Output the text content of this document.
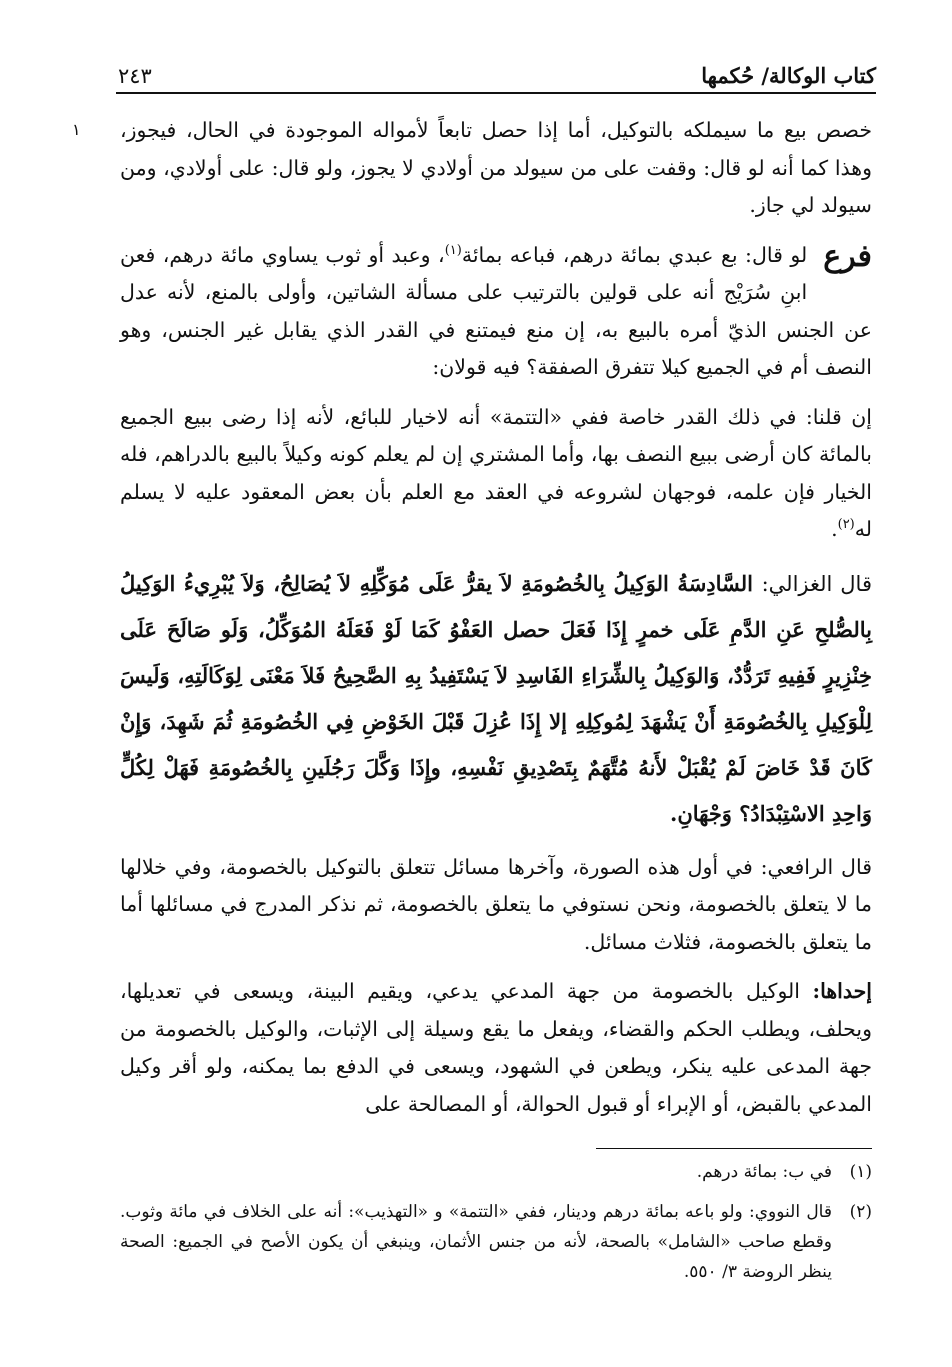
كتاب الوكالة/ حُكمها
٢٤٣
١ خصص بيع ما سيملكه بالتوكيل، أما إذا حصل تابعاً لأمواله الموجودة في الحال، فيجوز، وهذا كما أنه لو قال: وقفت على من سيولد من أولادي لا يجوز، ولو قال: على أولادي، ومن سيولد لي جاز.

فرع
لو قال: بع عبدي بمائة درهم، فباعه بمائة$^{(١)}$، وعبد أو ثوب يساوي مائة درهم، فعن ابنِ سُرَيْج أنه على قولين بالترتيب على مسألة الشاتين، وأولى بالمنع، لأنه عدل عن الجنس الذيّ أمره بالبيع به، إن منع فيمتنع في القدر الذي يقابل غير الجنس، وهو النصف أم في الجميع كيلا تتفرق الصفقة؟ فيه قولان:

إن قلنا: في ذلك القدر خاصة ففي «التتمة» أنه لاخيار للبائع، لأنه إذا رضى ببيع الجميع بالمائة كان أرضى ببيع النصف بها، وأما المشتري إن لم يعلم كونه وكيلاً بالبيع بالدراهم، فله الخيار فإن علمه، فوجهان لشروعه في العقد مع العلم بأن بعض المعقود عليه لا يسلم له$^{(٢)}$.

قال الغزالي: السَّادِسَةُ الوَكِيلُ بِالخُصُومَةِ لاَ يقرُّ عَلَى مُوَكِّلِهِ لاَ يُصَالِحُ، وَلاَ يُبْرِيءُ الوَكِيلُ بِالصُّلحِ عَنِ الدَّمِ عَلَى خمرٍ إِذَا فَعَلَ حصل العَفْوُ كَمَا لَوْ فَعَلَهُ المُوَكِّلُ، وَلَو صَالَحَ عَلَى خِنْزِيرٍ فَفِيهِ تَرَدُّدٌ، وَالوَكِيلُ بِالشِّرَاءِ الفَاسِدِ لاَ يَسْتَفِيدُ بِهِ الصَّحِيحُ فَلاَ مَعْنَى لِوَكَالَتِهِ، وَلَيسَ لِلْوَكِيلِ بِالخُصُومَةِ أَنْ يَشْهَدَ لِمُوكِلِهِ إلا إِذَا عُزِلَ قَبْلَ الخَوْضِ فِي الخُصُومَةِ ثُمَ شَهِدَ، وَإِنْ كَانَ قَدْ خَاضَ لَمْ يُقْبَلْ لأَنهُ مُتَّهَمٌ بِتَصْدِيقِ نَفْسِهِ، وإِذَا وَكَّلَ رَجُلَينِ بِالخُصُومَةِ فَهَلْ لِكُلٍّ وَاحِدِ الاسْتِبْدَادُ؟ وَجْهَانِ.

قال الرافعي: في أول هذه الصورة، وآخرها مسائل تتعلق بالتوكيل بالخصومة، وفي خلالها ما لا يتعلق بالخصومة، ونحن نستوفي ما يتعلق بالخصومة، ثم نذكر المدرج في مسائلها أما ما يتعلق بالخصومة، فثلاث مسائل.

إحداها: الوكيل بالخصومة من جهة المدعي يدعي، ويقيم البينة، ويسعى في تعديلها، ويحلف، ويطلب الحكم والقضاء، ويفعل ما يقع وسيلة إلى الإثبات، والوكيل بالخصومة من جهة المدعى عليه ينكر، ويطعن في الشهود، ويسعى في الدفع بما يمكنه، ولو أقر وكيل المدعي بالقبض، أو الإبراء أو قبول الحوالة، أو المصالحة على

(١)
في ب: بمائة درهم.
(٢)
قال النووي: ولو باعه بمائة درهم ودينار، ففي «التتمة» و «التهذيب»: أنه على الخلاف في مائة وثوب. وقطع صاحب «الشامل» بالصحة، لأنه من جنس الأثمان، وينبغي أن يكون الأصح في الجميع: الصحة ينظر الروضة ٣/ ٥٥٠.
